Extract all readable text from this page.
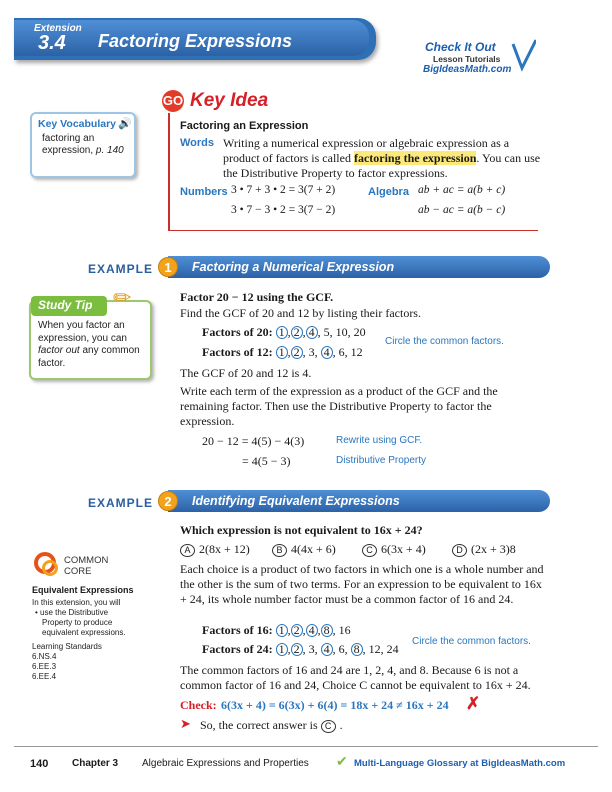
Extension
3.4 Factoring Expressions	Check It Out
Lesson Tutorials
BigIdeasMath.com
Key Vocabulary 🔊
factoring an expression, p. 140
GO Key Idea
Factoring an Expression
Words Writing a numerical expression or algebraic expression as a product of factors is called factoring the expression. You can use the Distributive Property to factor expressions.
Numbers 3 • 7 + 3 • 2 = 3(7 + 2)
3 • 7 − 3 • 2 = 3(7 − 2)
Algebra ab + ac = a(b + c)
ab − ac = a(b − c)
EXAMPLE 1	Factoring a Numerical Expression
Study Tip ✏
When you factor an expression, you can factor out any common factor.
Factor 20 − 12 using the GCF.
Find the GCF of 20 and 12 by listing their factors.
Factors of 20: 1 , 2 , 4 , 5, 10, 20
Factors of 12: 1 , 2 , 3, 4 , 6, 12
Circle the common factors.
The GCF of 20 and 12 is 4.
Write each term of the expression as a product of the GCF and the remaining factor. Then use the Distributive Property to factor the expression.
20 − 12 = 4(5) − 4(3)	Rewrite using GCF.
= 4(5 − 3)	Distributive Property
EXAMPLE 2	Identifying Equivalent Expressions
Which expression is not equivalent to 16x + 24?
A 2(8x + 12)	B 4(4x + 6)	C 6(3x + 4)	D (2x + 3)8
Each choice is a product of two factors in which one is a whole number and the other is the sum of two terms. For an expression to be equivalent to 16x + 24, its whole number factor must be a common factor of 16 and 24.
Factors of 16: 1 , 2 , 4 , 8 , 16
Factors of 24: 1 , 2 , 3, 4 , 6, 8 , 12, 24
Circle the common factors.
The common factors of 16 and 24 are 1, 2, 4, and 8. Because 6 is not a common factor of 16 and 24, Choice C cannot be equivalent to 16x + 24.
Check: 6(3x + 4) = 6(3x) + 6(4) = 18x + 24 ≠ 16x + 24 ✗
➤ So, the correct answer is C .
COMMON
CORE
Equivalent Expressions
In this extension, you will
• use the Distributive Property to produce equivalent expressions.
Learning Standards
6.NS.4
6.EE.3
6.EE.4
140 Chapter 3 Algebraic Expressions and Properties ✔ Multi-Language Glossary at BigIdeasMath.com
